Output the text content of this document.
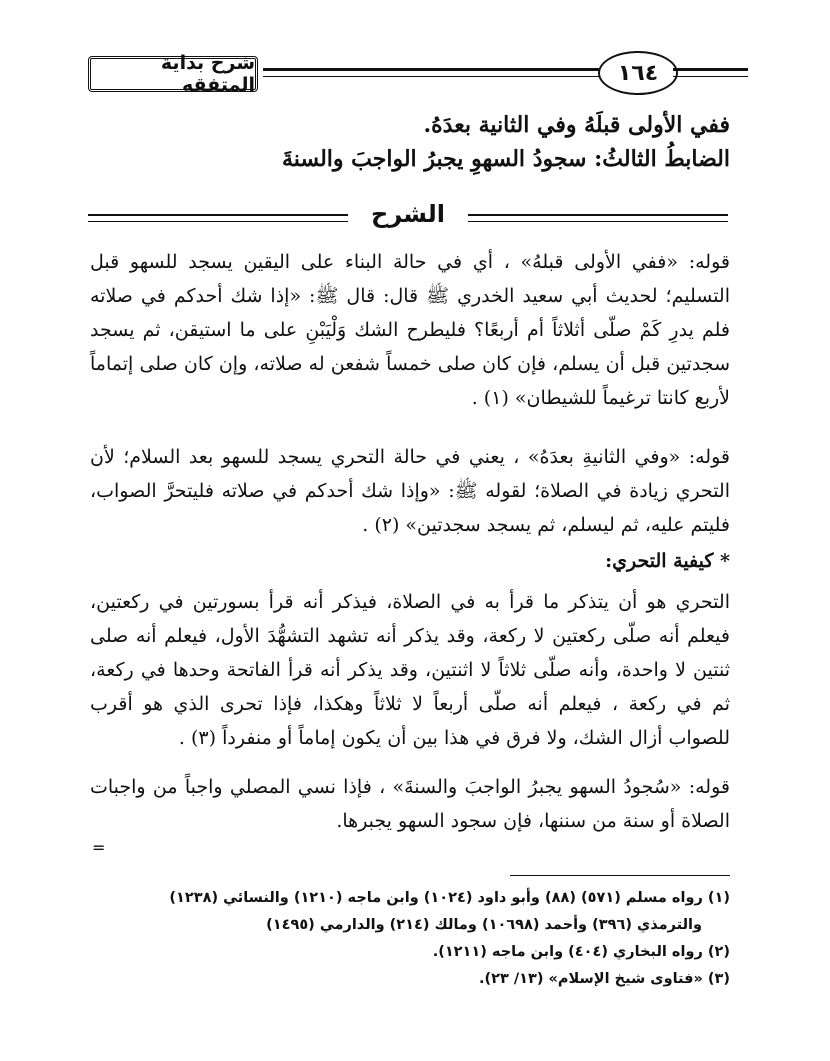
شرح بداية المتفقه	١٦٤
ففي الأولى قبلَهُ وفي الثانية بعدَهُ.
الضابطُ الثالثُ: سجودُ السهوِ يجبرُ الواجبَ والسنةَ
الشرح
قوله: «ففي الأولى قبلهُ» ، أي في حالة البناء على اليقين يسجد للسهو قبل التسليم؛ لحديث أبي سعيد الخدري ﷺ قال: قال ﷺ: «إذا شك أحدكم في صلاته فلم يدرِ كَمْ صلّى أثلاثاً أم أربعًا؟ فليطرح الشك وَلْيَبْنِ على ما استيقن، ثم يسجد سجدتين قبل أن يسلم، فإن كان صلى خمساً شفعن له صلاته، وإن كان صلى إتماماً لأربع كانتا ترغيماً للشيطان» (١) .
قوله: «وفي الثانيةِ بعدَهُ» ، يعني في حالة التحري يسجد للسهو بعد السلام؛ لأن التحري زيادة في الصلاة؛ لقوله ﷺ: «وإذا شك أحدكم في صلاته فليتحرَّ الصواب، فليتم عليه، ثم ليسلم، ثم يسجد سجدتين» (٢) .
* كيفية التحري:
التحري هو أن يتذكر ما قرأ به في الصلاة، فيذكر أنه قرأ بسورتين في ركعتين، فيعلم أنه صلّى ركعتين لا ركعة، وقد يذكر أنه تشهد التشهُّدَ الأول، فيعلم أنه صلى ثنتين لا واحدة، وأنه صلّى ثلاثاً لا اثنتين، وقد يذكر أنه قرأ الفاتحة وحدها في ركعة، ثم في ركعة ، فيعلم أنه صلّى أربعاً لا ثلاثاً وهكذا، فإذا تحرى الذي هو أقرب للصواب أزال الشك، ولا فرق في هذا بين أن يكون إماماً أو منفرداً (٣) .
قوله: «سُجودُ السهو يجبرُ الواجبَ والسنةَ» ، فإذا نسي المصلي واجباً من واجبات الصلاة أو سنة من سننها، فإن سجود السهو يجبرها.
=
(١) رواه مسلم (٥٧١) (٨٨) وأبو داود (١٠٢٤) وابن ماجه (١٢١٠) والنسائي (١٢٣٨)
والترمذي (٣٩٦) وأحمد (١٠٦٩٨) ومالك (٢١٤) والدارمي (١٤٩٥)
(٢) رواه البخاري (٤٠٤) وابن ماجه (١٢١١).
(٣) «فتاوى شيخ الإسلام» (١٣/ ٢٣).
